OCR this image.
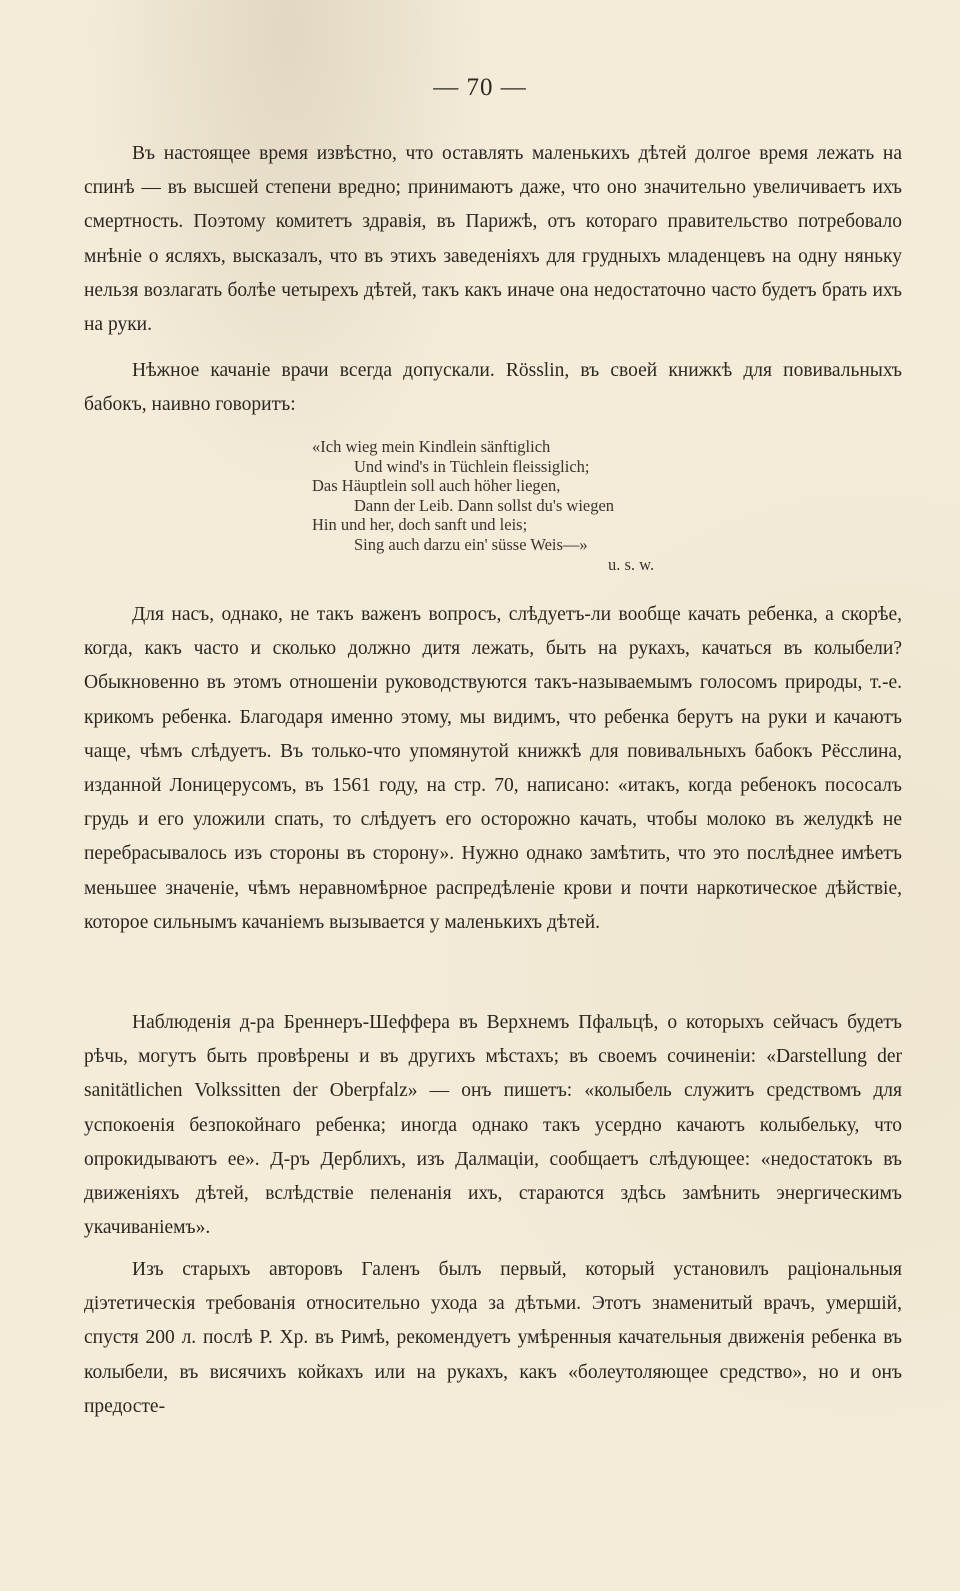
— 70 —

Въ настоящее время извѣстно, что оставлять маленькихъ дѣтей долгое время лежать на спинѣ — въ высшей степени вредно; принимаютъ даже, что оно значительно увеличиваетъ ихъ смертность. Поэтому комитетъ здравія, въ Парижѣ, отъ котораго правительство потребовало мнѣніе о ясляхъ, высказалъ, что въ этихъ заведеніяхъ для грудныхъ младенцевъ на одну няньку нельзя возлагать болѣе четырехъ дѣтей, такъ какъ иначе она недостаточно часто будетъ брать ихъ на руки.

Нѣжное качаніе врачи всегда допускали. Rösslin, въ своей книжкѣ для повивальныхъ бабокъ, наивно говоритъ:

«Ich wieg mein Kindlein sänftiglich
Und wind's in Tüchlein fleissiglich;
Das Häuptlein soll auch höher liegen,
Dann der Leib. Dann sollst du's wiegen
Hin und her, doch sanft und leis;
Sing auch darzu ein' süsse Weis—»
u. s. w.

Для насъ, однако, не такъ важенъ вопросъ, слѣдуетъ-ли вообще качать ребенка, а скорѣе, когда, какъ часто и сколько должно дитя лежать, быть на рукахъ, качаться въ колыбели? Обыкновенно въ этомъ отношеніи руководствуются такъ-называемымъ голосомъ природы, т.-е. крикомъ ребенка. Благодаря именно этому, мы видимъ, что ребенка берутъ на руки и качаютъ чаще, чѣмъ слѣдуетъ. Въ только-что упомянутой книжкѣ для повивальныхъ бабокъ Рёсслина, изданной Лоницерусомъ, въ 1561 году, на стр. 70, написано: «итакъ, когда ребенокъ пососалъ грудь и его уложили спать, то слѣдуетъ его осторожно качать, чтобы молоко въ желудкѣ не перебрасывалось изъ стороны въ сторону». Нужно однако замѣтить, что это послѣднее имѣетъ меньшее значеніе, чѣмъ неравномѣрное распредѣленіе крови и почти наркотическое дѣйствіе, которое сильнымъ качаніемъ вызывается у маленькихъ дѣтей.

Наблюденія д-ра Бреннеръ-Шеффера въ Верхнемъ Пфальцѣ, о которыхъ сейчасъ будетъ рѣчь, могутъ быть провѣрены и въ другихъ мѣстахъ; въ своемъ сочиненіи: «Darstellung der sanitätlichen Volkssitten der Oberpfalz» — онъ пишетъ: «колыбель служитъ средствомъ для успокоенія безпокойнаго ребенка; иногда однако такъ усердно качаютъ колыбельку, что опрокидываютъ ее». Д-ръ Дерблихъ, изъ Далмаціи, сообщаетъ слѣдующее: «недостатокъ въ движеніяхъ дѣтей, вслѣдствіе пеленанія ихъ, стараются здѣсь замѣнить энергическимъ укачиваніемъ».

Изъ старыхъ авторовъ Галенъ былъ первый, который установилъ раціональныя діэтетическія требованія относительно ухода за дѣтьми. Этотъ знаменитый врачъ, умершій, спустя 200 л. послѣ Р. Хр. въ Римѣ, рекомендуетъ умѣренныя качательныя движенія ребенка въ колыбели, въ висячихъ койкахъ или на рукахъ, какъ «болеутоляющее средство», но и онъ предосте-
